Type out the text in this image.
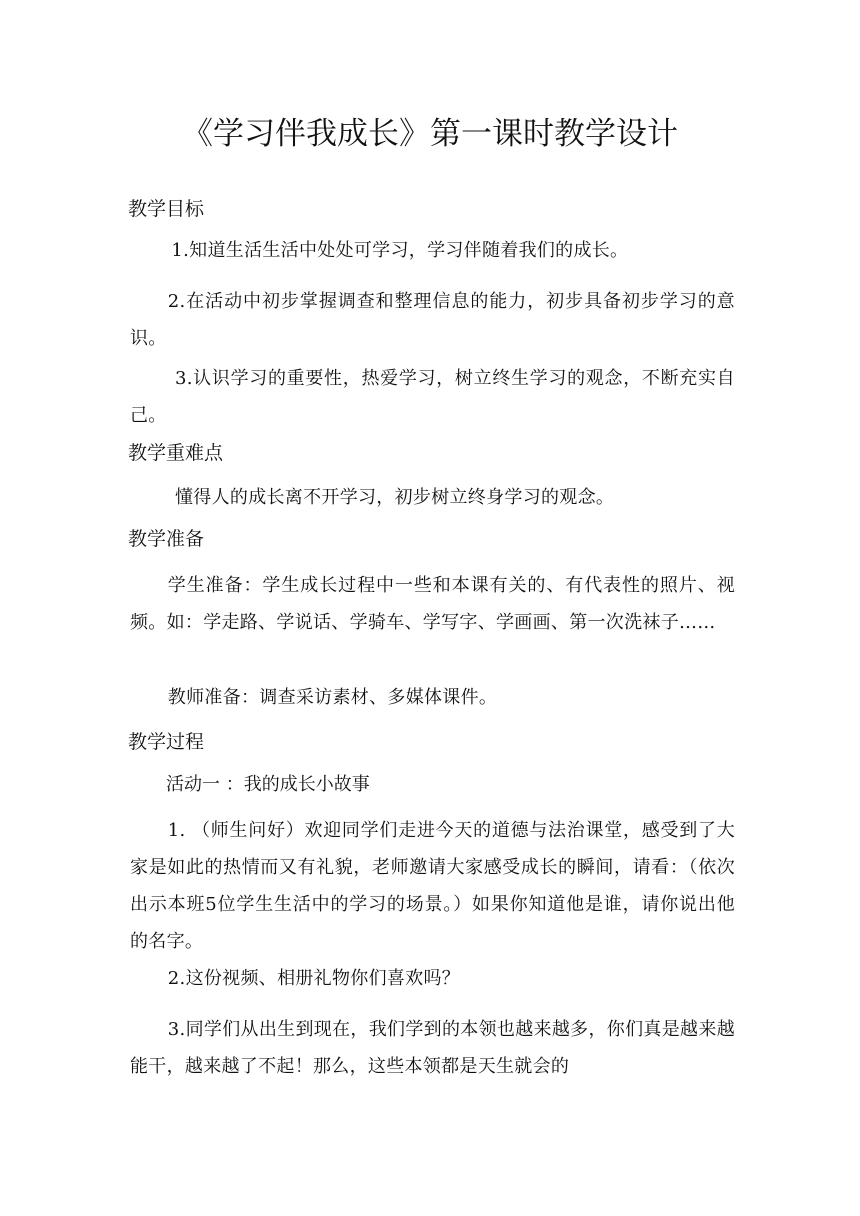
《学习伴我成长》第一课时教学设计
教学目标
1.知道生活生活中处处可学习，学习伴随着我们的成长。
2.在活动中初步掌握调查和整理信息的能力，初步具备初步学习的意识。
3.认识学习的重要性，热爱学习，树立终生学习的观念，不断充实自己。
教学重难点
懂得人的成长离不开学习，初步树立终身学习的观念。
教学准备
学生准备：学生成长过程中一些和本课有关的、有代表性的照片、视频。如：学走路、学说话、学骑车、学写字、学画画、第一次洗袜子……
教师准备：调查采访素材、多媒体课件。
教学过程
活动一 ：我的成长小故事
1. （师生问好）欢迎同学们走进今天的道德与法治课堂，感受到了大家是如此的热情而又有礼貌，老师邀请大家感受成长的瞬间，请看：（依次出示本班5位学生生活中的学习的场景。）如果你知道他是谁，请你说出他的名字。
2.这份视频、相册礼物你们喜欢吗？
3.同学们从出生到现在，我们学到的本领也越来越多，你们真是越来越能干，越来越了不起！那么，这些本领都是天生就会的
